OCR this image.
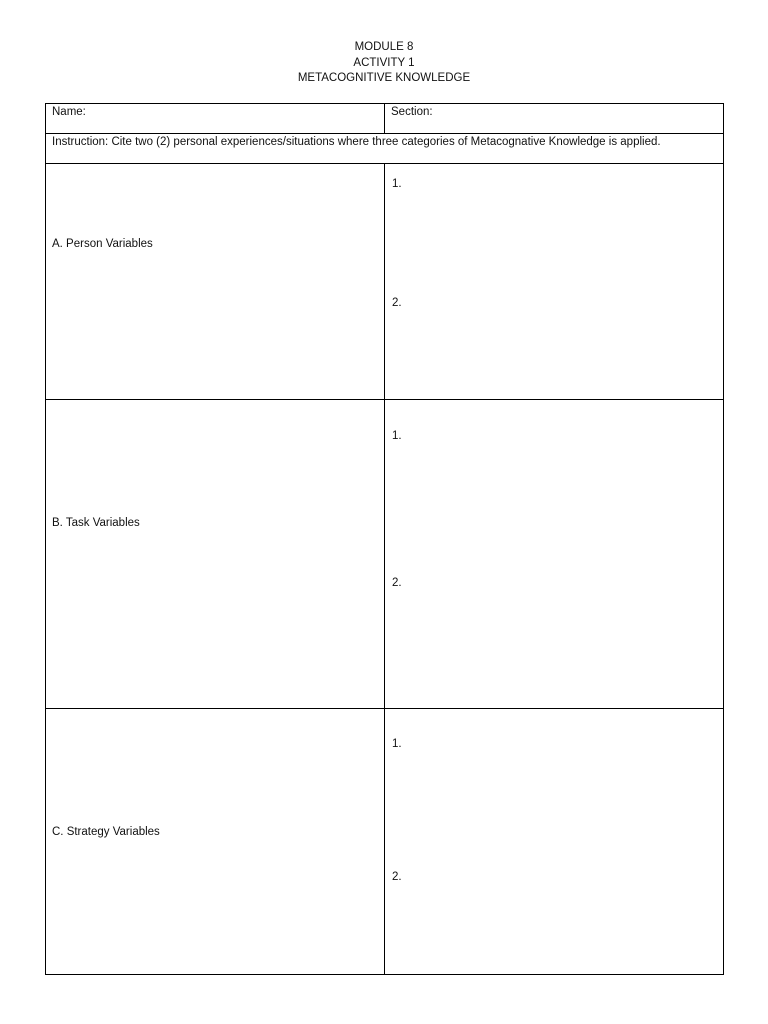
MODULE 8
ACTIVITY 1
METACOGNITIVE KNOWLEDGE
Name:	Section:

Instruction: Cite two (2) personal experiences/situations where three categories of Metacognative Knowledge is applied.	

A. Person Variables	1.
2.

B. Task Variables	1.
2.

C. Strategy Variables	1.
2.
